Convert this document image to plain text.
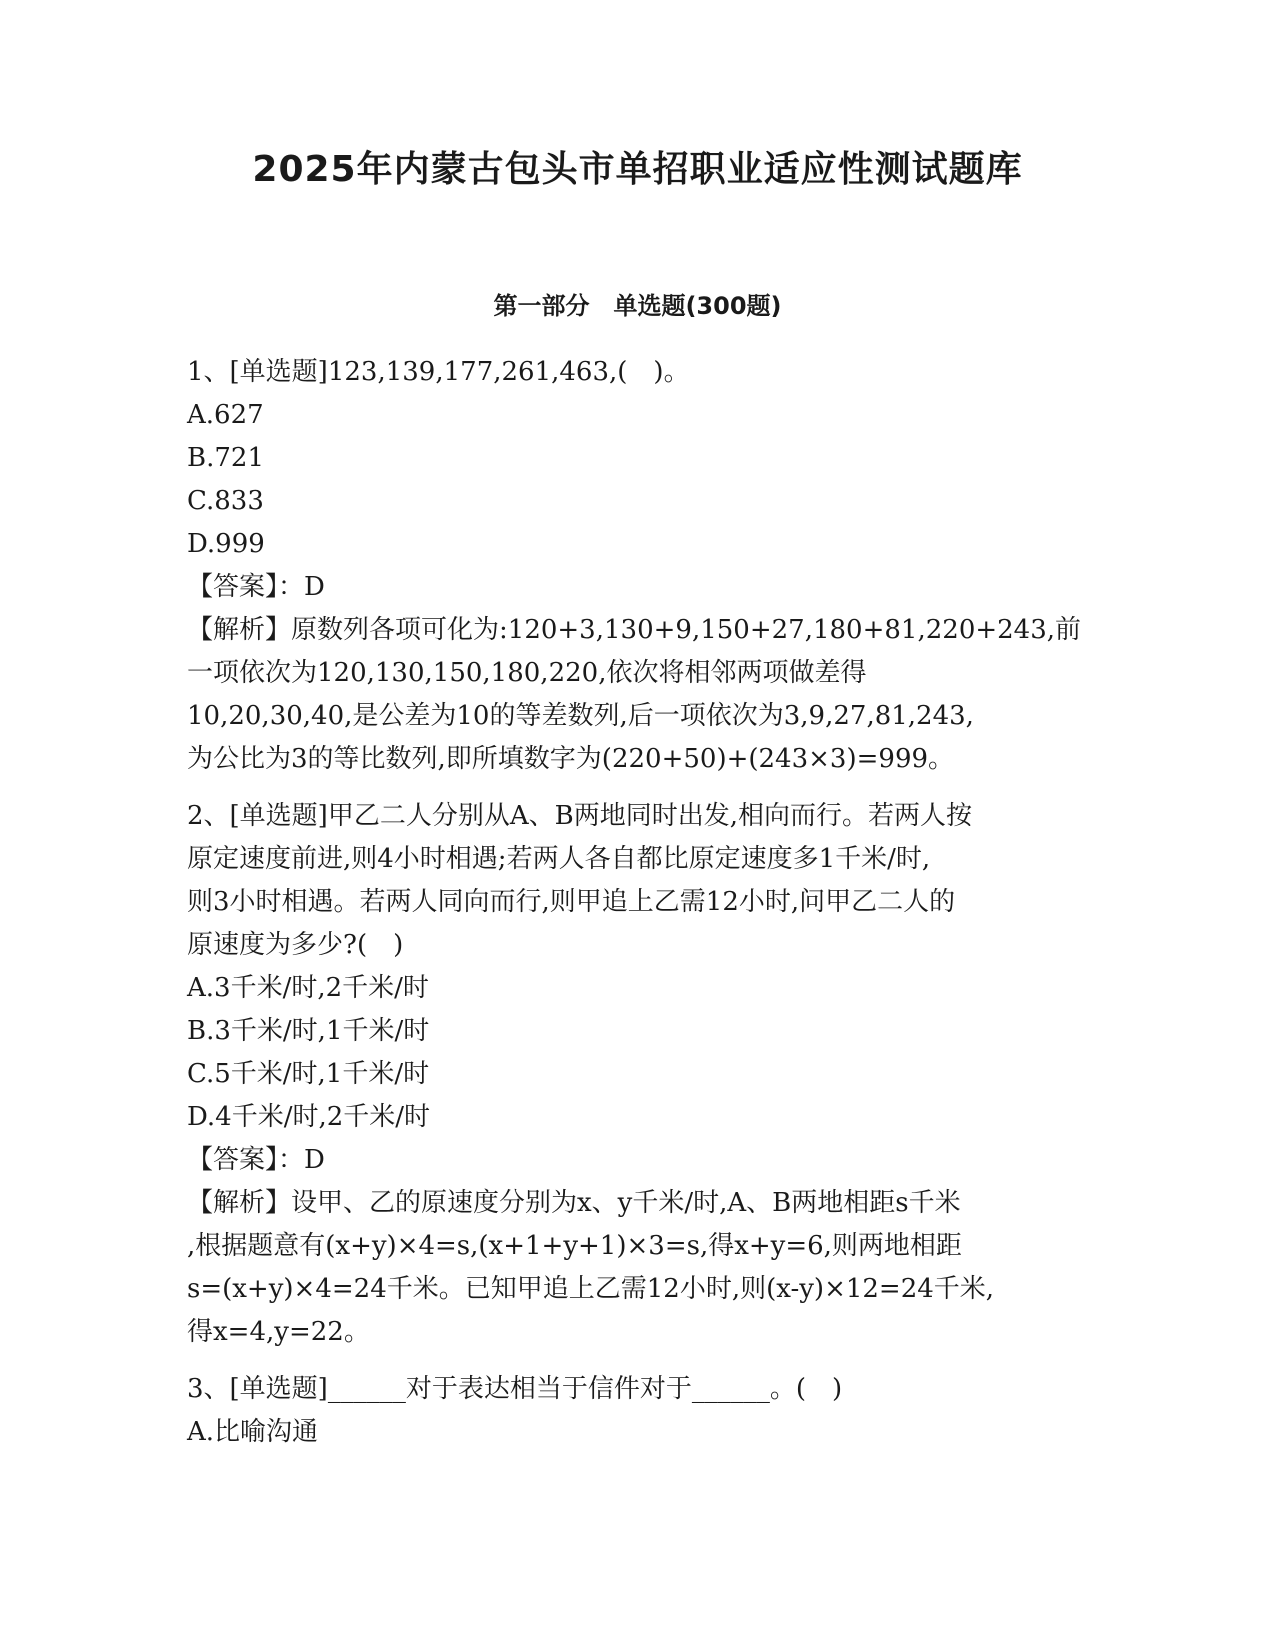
2025年内蒙古包头市单招职业适应性测试题库
第一部分　单选题(300题)

1、[单选题]123,139,177,261,463,(　)。

A.627

B.721

C.833

D.999

【答案】：D

【解析】原数列各项可化为:120+3,130+9,150+27,180+81,220+243,前

一项依次为120,130,150,180,220,依次将相邻两项做差得

10,20,30,40,是公差为10的等差数列,后一项依次为3,9,27,81,243,

为公比为3的等比数列,即所填数字为(220+50)+(243×3)=999。

2、[单选题]甲乙二人分别从A、B两地同时出发,相向而行。若两人按

原定速度前进,则4小时相遇;若两人各自都比原定速度多1千米/时,

则3小时相遇。若两人同向而行,则甲追上乙需12小时,问甲乙二人的

原速度为多少?(　)

A.3千米/时,2千米/时

B.3千米/时,1千米/时

C.5千米/时,1千米/时

D.4千米/时,2千米/时

【答案】：D

【解析】设甲、乙的原速度分别为x、y千米/时,A、B两地相距s千米

,根据题意有(x+y)×4=s,(x+1+y+1)×3=s,得x+y=6,则两地相距

s=(x+y)×4=24千米。已知甲追上乙需12小时,则(x-y)×12=24千米,

得x=4,y=22。

3、[单选题]______对于表达相当于信件对于______。(　)

A.比喻沟通
